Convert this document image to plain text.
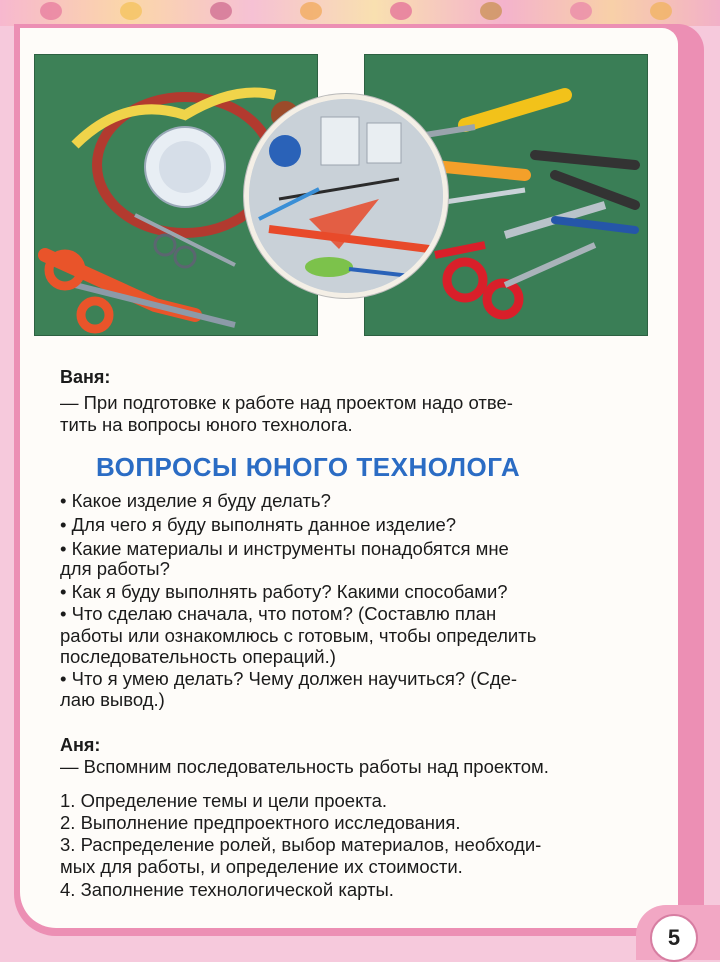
Ваня:
— При подготовке к работе над проектом надо отве-
тить на вопросы юного технолога.
ВОПРОСЫ ЮНОГО ТЕХНОЛОГА
• Какое изделие я буду делать?
• Для чего я буду выполнять данное изделие?
• Какие материалы и инструменты понадобятся мне
для работы?
• Как я буду выполнять работу? Какими способами?
• Что сделаю сначала, что потом? (Составлю план
работы или ознакомлюсь с готовым, чтобы определить
последовательность операций.)
• Что я умею делать? Чему должен научиться? (Сде-
лаю вывод.)
Аня:
— Вспомним последовательность работы над проектом.
1. Определение темы и цели проекта.
2. Выполнение предпроектного исследования.
3. Распределение ролей, выбор материалов, необходи-
мых для работы, и определение их стоимости.
4. Заполнение технологической карты.
5
